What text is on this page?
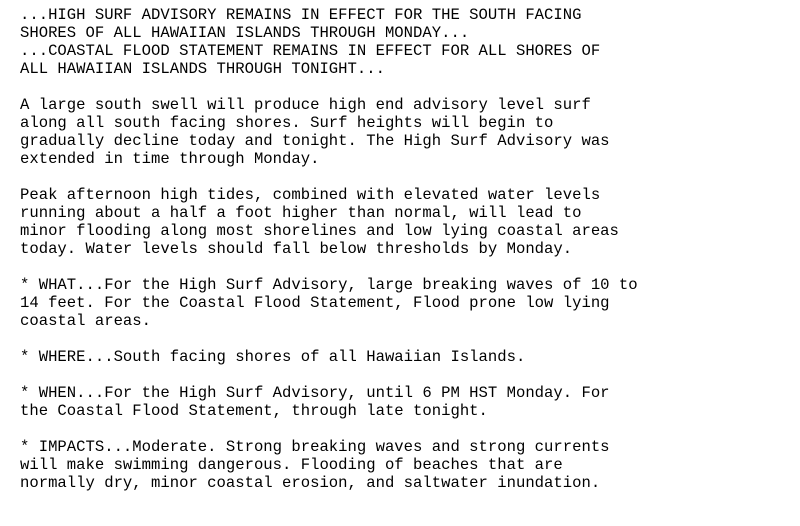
...HIGH SURF ADVISORY REMAINS IN EFFECT FOR THE SOUTH FACING
SHORES OF ALL HAWAIIAN ISLANDS THROUGH MONDAY...
...COASTAL FLOOD STATEMENT REMAINS IN EFFECT FOR ALL SHORES OF
ALL HAWAIIAN ISLANDS THROUGH TONIGHT...
A large south swell will produce high end advisory level surf
along all south facing shores. Surf heights will begin to
gradually decline today and tonight. The High Surf Advisory was
extended in time through Monday.
Peak afternoon high tides, combined with elevated water levels
running about a half a foot higher than normal, will lead to
minor flooding along most shorelines and low lying coastal areas
today. Water levels should fall below thresholds by Monday.
* WHAT...For the High Surf Advisory, large breaking waves of 10 to
14 feet. For the Coastal Flood Statement, Flood prone low lying
coastal areas.
* WHERE...South facing shores of all Hawaiian Islands.
* WHEN...For the High Surf Advisory, until 6 PM HST Monday. For
the Coastal Flood Statement, through late tonight.
* IMPACTS...Moderate. Strong breaking waves and strong currents
will make swimming dangerous. Flooding of beaches that are
normally dry, minor coastal erosion, and saltwater inundation.
